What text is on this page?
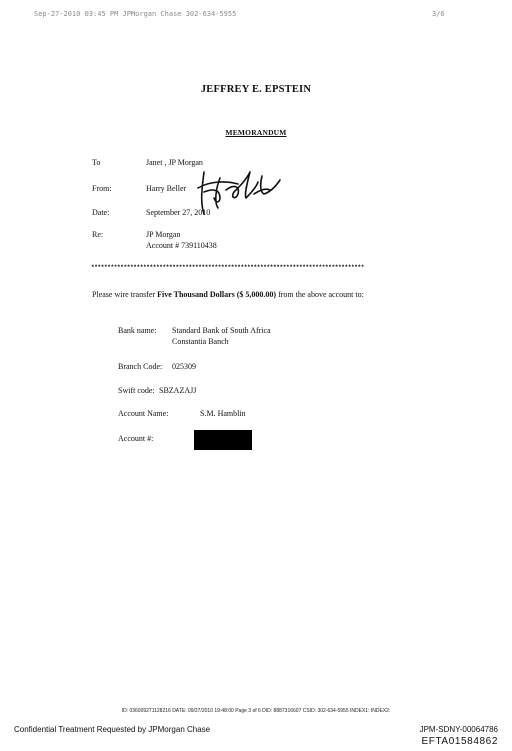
Sep-27-2010 03:45 PM JPMorgan Chase 302-634-5955	3/6
JEFFREY E. EPSTEIN
MEMORANDUM
To	Janet , JP Morgan
From:	Harry Beller
Date:	September 27, 2010
Re:	JP Morgan
Account # 739110438
************************************************************************************
Please wire transfer Five Thousand Dollars ($ 5,000.00) from the above account to:
Bank name: Standard Bank of South Africa
Constantia Banch
Branch Code: 025309
Swift code: SBZAZAJJ
Account Name:	S.M. Hamblin
Account #:
ID: 036009271128216 DATE: 09/27/2010 19:48:00 Page 3 of 6 DID: 8887316607 CSID: 302-634-5955 INDEX1: INDEX2:
Confidential Treatment Requested by JPMorgan Chase	JPM-SDNY-00064786
EFTA01584862
